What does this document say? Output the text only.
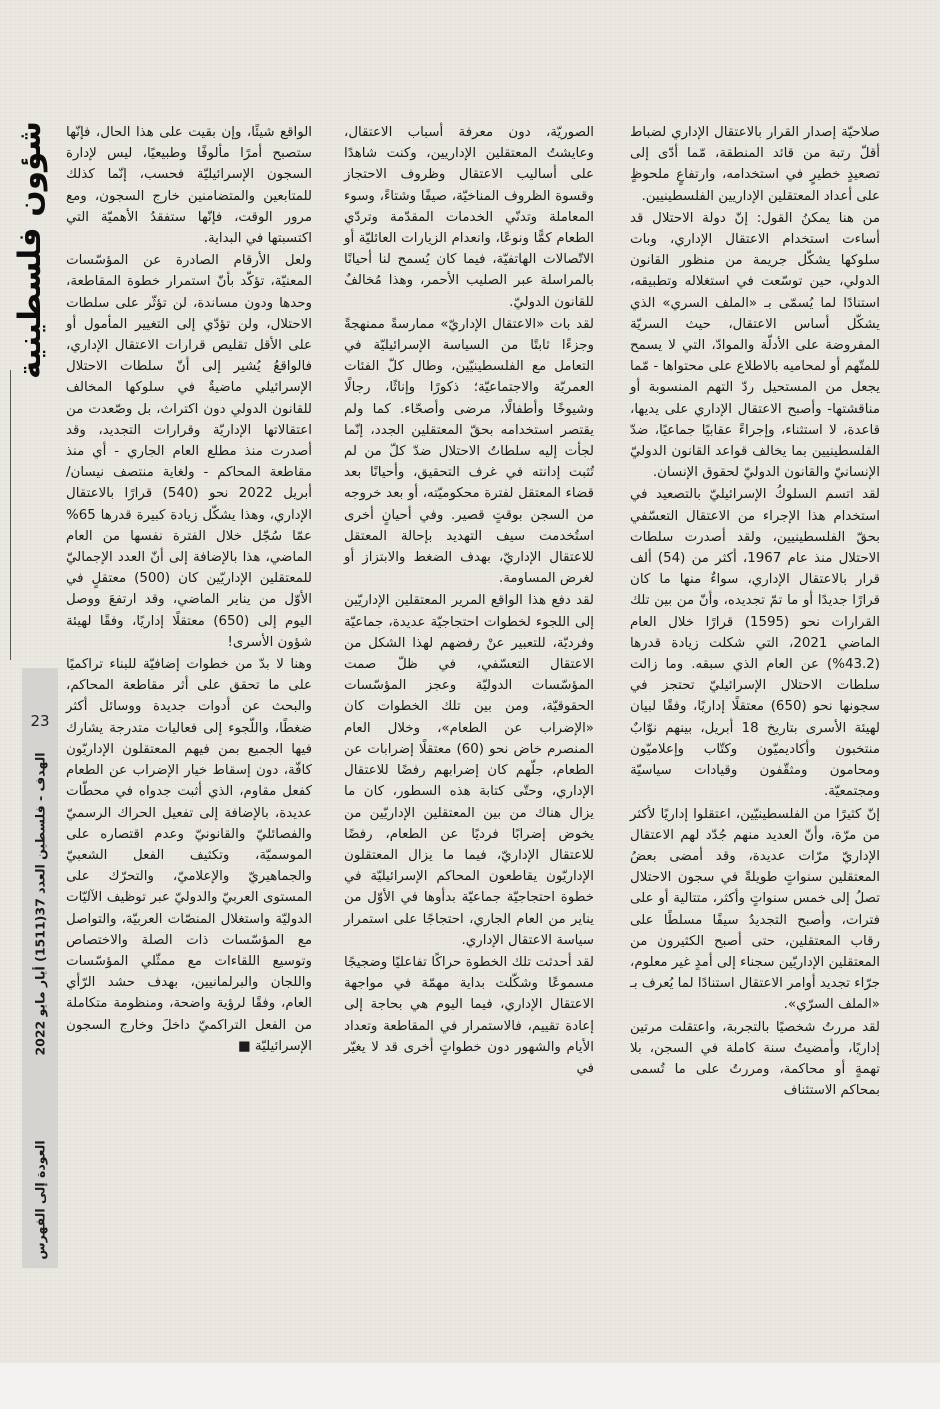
شؤون فلسطينية
23
الهدف - فلسطين العدد 37(1511) أيار مايو 2022
العودة إلى الفهرس

صلاحيّة إصدار القرار بالاعتقال الإداري لضباط أقلّ رتبة من قائد المنطقة، مّما أدّى إلى تصعيدٍ خطيرٍ في استخدامه، وارتفاعٍ ملحوظٍ على أعداد المعتقلين الإداريين الفلسطينيين.

من هنا يمكنُ القول: إنّ دولة الاحتلال قد أساءت استخدام الاعتقال الإداري، وبات سلوكها يشكّل جريمة من منظور القانون الدولي، حين توسّعت في استغلاله وتطبيقه، استنادًا لما يُسمّى بـ «الملف السري» الذي يشكّل أساس الاعتقال، حيث السريّة المفروضة على الأدلّة والموادّ، التي لا يسمح للمتّهم أو لمحاميه بالاطلاع على محتواها - مّما يجعل من المستحيل ردّ التهم المنسوبة أو مناقشتها- وأصبح الاعتقال الإداري على يديها، قاعدة، لا استثناء، وإجراءً عقابيًا جماعيًا، ضدّ الفلسطينيين بما يخالف قواعد القانون الدوليّ الإنسانيّ والقانون الدوليّ لحقوق الإنسان.

لقد اتسم السلوكُ الإسرائيليّ بالتصعيد في استخدام هذا الإجراء من الاعتقال التعسّفي بحقّ الفلسطينيين، ولقد أصدرت سلطات الاحتلال منذ عام 1967، أكثر من (54) ألف قرار بالاعتقال الإداري، سواءٌ منها ما كان قرارًا جديدًا أو ما تمّ تجديده، وأنّ من بين تلك القرارات نحو (1595) قرارًا خلال العام الماضي 2021، التي شكلت زيادة قدرها (43.2%) عن العام الذي سبقه. وما زالت سلطات الاحتلال الإسرائيليّ تحتجز في سجونها نحو (650) معتقلًا إداريًا، وفقًا لبيان لهيئة الأسرى بتاريخ 18 أبريل، بينهم نوّابٌ منتخبون وأكاديميّون وكتّاب وإعلاميّون ومحامون ومثقّفون وقيادات سياسيّة ومجتمعيّة.

إنّ كثيرًا من الفلسطينيّين، اعتقلوا إداريًا لأكثر من مرّة، وأنّ العديد منهم جُدّد لهم الاعتقال الإداريّ مرّات عديدة، وقد أمضى بعضُ المعتقلين سنواتٍ طويلةً في سجون الاحتلال تصلُ إلى خمس سنواتٍ وأكثر، متتالية أو على فترات، وأصبح التجديدُ سيفًا مسلطًا على رقاب المعتقلين، حتى أصبح الكثيرون من المعتقلين الإداريّين سجناء إلى أمدٍ غير معلوم، جرّاء تجديد أوامر الاعتقال استنادًا لما يُعرف بـ «الملف السرّي».

لقد مررتُ شخصيًا بالتجربة، واعتقلت مرتين إداريًا، وأمضيتُ سنة كاملة في السجن، بلا تهمةٍ أو محاكمة، ومررتُ على ما تُسمى بمحاكم الاستئناف

الصوريّة، دون معرفة أسباب الاعتقال، وعايشتُ المعتقلين الإداريين، وكنت شاهدًا على أساليب الاعتقال وظروف الاحتجاز وقسوة الظروف المناخيّة، صيفًا وشتاءً، وسوء المعاملة وتدنّي الخدمات المقدّمة وتردّي الطعام كمًّا ونوعًا، وانعدام الزيارات العائليّة أو الاتّصالات الهاتفيّة، فيما كان يُسمح لنا أحيانًا بالمراسلة عبر الصليب الأحمر، وهذا مُخالفٌ للقانون الدوليّ.

لقد بات «الاعتقال الإداريّ» ممارسةً ممنهجةً وجزءًا ثابتًا من السياسة الإسرائيليّة في التعامل مع الفلسطينيّين، وطال كلّ الفئات العمريّة والاجتماعيّة؛ ذكورًا وإناثًا، رجالًا وشيوخًا وأطفالًا، مرضى وأصحّاء. كما ولم يقتصر استخدامه بحقّ المعتقلين الجدد، إنّما لجأت إليه سلطاتُ الاحتلال ضدّ كلّ من لم تُثبت إدانته في غرف التحقيق، وأحيانًا بعد قضاء المعتقل لفترة محكوميّته، أو بعد خروجه من السجن بوقتٍ قصير. وفي أحيانٍ أخرى استُخدمت سيف التهديد بإحالة المعتقل للاعتقال الإداريّ، بهدف الضغط والابتزاز أو لغرض المساومة.

لقد دفع هذا الواقع المرير المعتقلين الإداريّين إلى اللجوء لخطوات احتجاجيّة عديدة، جماعيّة وفرديّة، للتعبير عنْ رفضهم لهذا الشكل من الاعتقال التعسّفي، في ظلّ صمت المؤسّسات الدوليّة وعجز المؤسّسات الحقوقيّة، ومن بين تلك الخطوات كان «الإضراب عن الطعام»، وخلال العام المنصرم خاض نحو (60) معتقلًا إضرابات عن الطعام، جلّهم كان إضرابهم رفضًا للاعتقال الإداري، وحتّى كتابة هذه السطور، كان ما يزال هناك من بين المعتقلين الإداريّين من يخوض إضرابًا فرديًا عن الطعام، رفضًا للاعتقال الإداريّ، فيما ما يزال المعتقلون الإداريّون يقاطعون المحاكم الإسرائيليّة في خطوة احتجاجيّة جماعيّة بدأوها في الأوّل من يناير من العام الجاري، احتجاجًا على استمرار سياسة الاعتقال الإداري.

لقد أحدثت تلك الخطوة حراكًا تفاعليًا وضجيجًا مسموعًا وشكّلت بداية مهمّة في مواجهة الاعتقال الإداري، فيما اليوم هي بحاجة إلى إعادة تقييم، فالاستمرار في المقاطعة وتعداد الأيام والشهور دون خطواتٍ أخرى قد لا يغيّر في

الواقع شيئًا، وإن بقيت على هذا الحال، فإنّها ستصبح أمرًا مألوفًا وطبيعيًا، ليس لإدارة السجون الإسرائيليّة فحسب، إنّما كذلك للمتابعين والمتضامنين خارج السجون، ومع مرور الوقت، فإنّها ستفقدُ الأهميّة التي اكتسبتها في البداية.

ولعل الأرقام الصادرة عن المؤسّسات المعنيّة، تؤكّد بأنّ استمرار خطوة المقاطعة، وحدها ودون مساندة، لن تؤثّر على سلطات الاحتلال، ولن تؤدّي إلى التغيير المأمول أو على الأقل تقليص قرارات الاعتقال الإداري، فالواقعُ يُشير إلى أنّ سلطات الاحتلال الإسرائيلي ماضيةٌ في سلوكها المخالف للقانون الدولي دون اكتراث، بل وصّعدت من اعتقالاتها الإداريّة وقرارات التجديد، وقد أصدرت منذ مطلع العام الجاري - أي منذ مقاطعة المحاكم - ولغاية منتصف نيسان/أبريل 2022 نحو (540) قرارًا بالاعتقال الإداري، وهذا يشكّل زيادة كبيرة قدرها 65% عمّا سُجّل خلال الفترة نفسها من العام الماضي، هذا بالإضافة إلى أنّ العدد الإجماليّ للمعتقلين الإداريّين كان (500) معتقلٍ في الأوّل من يناير الماضي، وقد ارتفعَ ووصل اليوم إلى (650) معتقلًا إداريًا، وفقًا لهيئة شؤون الأسرى!

وهنا لا بدّ من خطوات إضافيّة للبناء تراكميًا على ما تحقق على أثر مقاطعة المحاكم، والبحث عن أدوات جديدة ووسائل أكثر ضغطًا، واللّجوء إلى فعاليات متدرجة يشارك فيها الجميع بمن فيهم المعتقلون الإداريّون كافّة، دون إسقاط خيار الإضراب عن الطعام كفعل مقاوم، الذي أثبت جدواه في محطّات عديدة، بالإضافة إلى تفعيل الحراك الرسميّ والفصائليّ والقانونيّ وعدم اقتصاره على الموسميّة، وتكثيف الفعل الشعبيّ والجماهيريّ والإعلاميّ، والتحرّك على المستوى العربيّ والدوليّ عبر توظيف الآليّات الدوليّة واستغلال المنصّات العربيّة، والتواصل مع المؤسّسات ذات الصلة والاختصاص وتوسيع اللقاءات مع ممثّلي المؤسّسات واللجان والبرلمانيين، بهدف حشد الرّأي العام، وفقًا لرؤية واضحة، ومنظومة متكاملة من الفعل التراكميّ داخلَ وخارج السجون الإسرائيليّة ■
